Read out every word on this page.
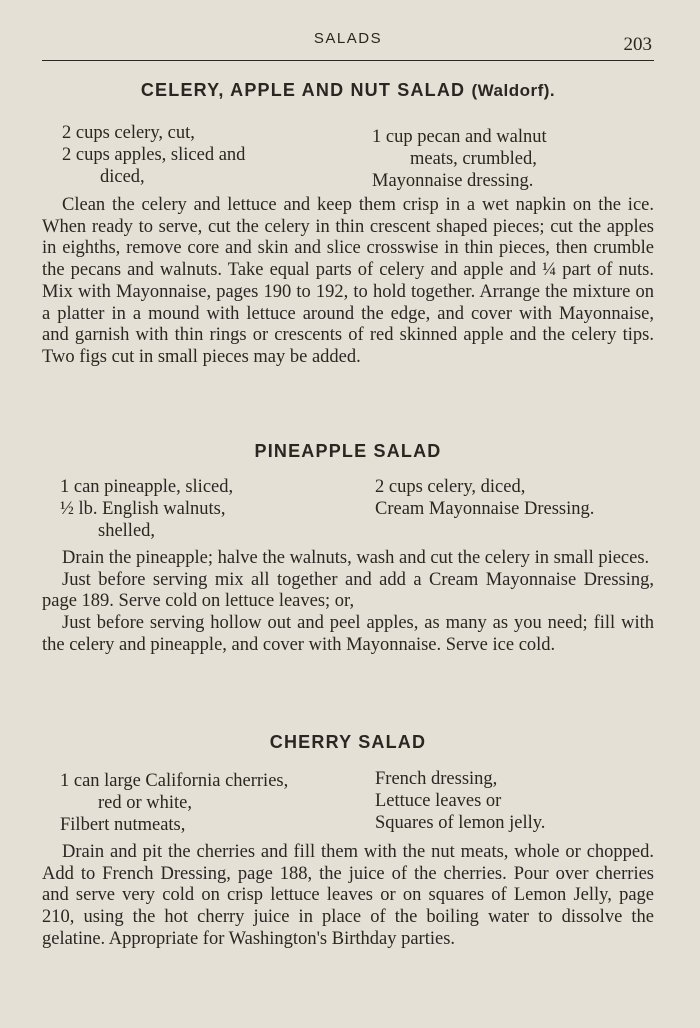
SALADS	203
CELERY, APPLE AND NUT SALAD (Waldorf).
2 cups celery, cut,
2 cups apples, sliced and
diced,
1 cup pecan and walnut
meats, crumbled,
Mayonnaise dressing.
Clean the celery and lettuce and keep them crisp in a wet napkin on the ice. When ready to serve, cut the celery in thin crescent shaped pieces; cut the apples in eighths, remove core and skin and slice crosswise in thin pieces, then crumble the pecans and walnuts. Take equal parts of celery and apple and ¼ part of nuts. Mix with Mayonnaise, pages 190 to 192, to hold together. Arrange the mixture on a platter in a mound with lettuce around the edge, and cover with Mayonnaise, and garnish with thin rings or crescents of red skinned apple and the celery tips. Two figs cut in small pieces may be added.
PINEAPPLE SALAD
1 can pineapple, sliced,
½ lb. English walnuts,
shelled,
2 cups celery, diced,
Cream Mayonnaise Dressing.
Drain the pineapple; halve the walnuts, wash and cut the celery in small pieces.
Just before serving mix all together and add a Cream Mayonnaise Dressing, page 189. Serve cold on lettuce leaves; or,
Just before serving hollow out and peel apples, as many as you need; fill with the celery and pineapple, and cover with Mayonnaise. Serve ice cold.
CHERRY SALAD
1 can large California cherries,
red or white,
Filbert nutmeats,
French dressing,
Lettuce leaves or
Squares of lemon jelly.
Drain and pit the cherries and fill them with the nut meats, whole or chopped. Add to French Dressing, page 188, the juice of the cherries. Pour over cherries and serve very cold on crisp lettuce leaves or on squares of Lemon Jelly, page 210, using the hot cherry juice in place of the boiling water to dissolve the gelatine. Appropriate for Washington's Birthday parties.
